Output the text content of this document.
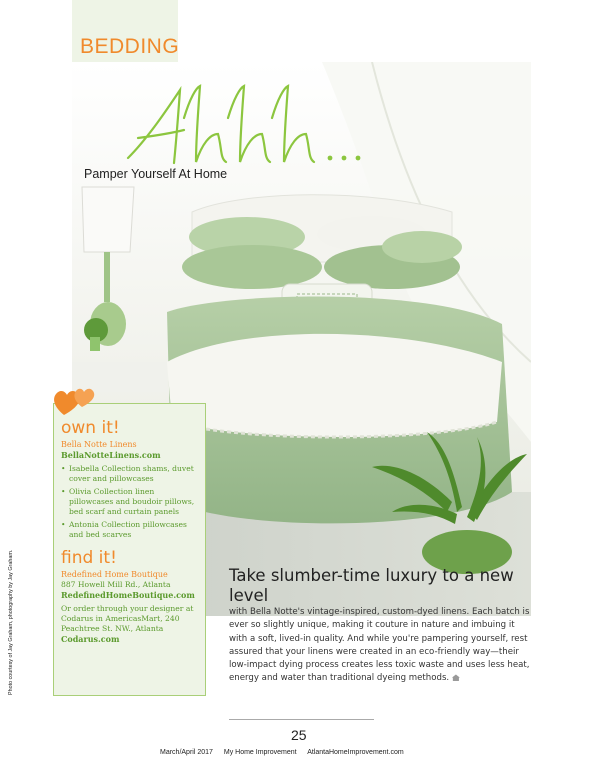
BEDDING
Pamper Yourself At Home
Photo courtesy of Jay Graham, photography by Jay Graham.
own it!
Bella Notte Linens
BellaNotteLinens.com
• Isabella Collection shams, duvet cover and pillowcases
• Olivia Collection linen pillowcases and boudoir pillows, bed scarf and curtain panels
• Antonia Collection pillowcases and bed scarves
find it!
Redefined Home Boutique
887 Howell Mill Rd., Atlanta
RedefinedHomeBoutique.com
Or order through your designer at Codarus in AmericasMart, 240 Peachtree St. NW., Atlanta
Codarus.com
Take slumber-time luxury to a new level
with Bella Notte's vintage-inspired, custom-dyed linens. Each batch is ever so slightly unique, making it couture in nature and imbuing it with a soft, lived-in quality. And while you're pampering yourself, rest assured that your linens were created in an eco-friendly way—their low-impact dying process creates less toxic waste and uses less heat, energy and water than traditional dyeing methods.
25
March/April 2017 My Home Improvement AtlantaHomeImprovement.com
